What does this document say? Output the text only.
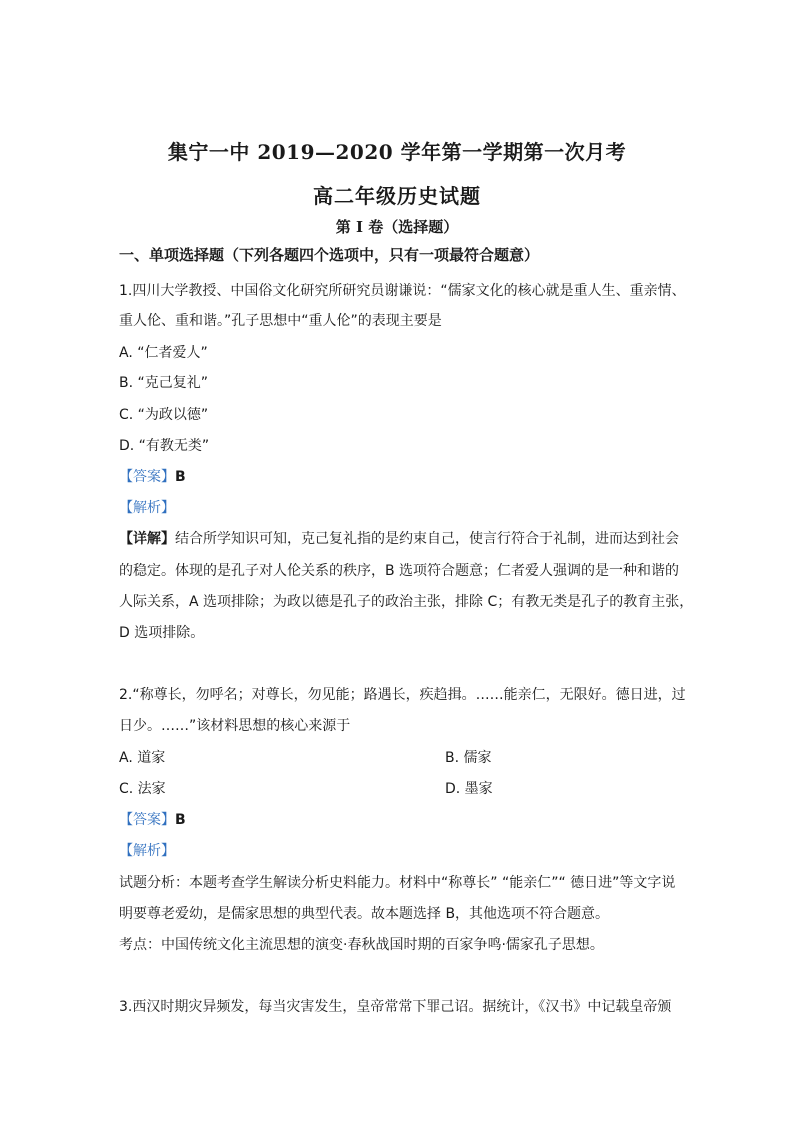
集宁一中 2019—2020 学年第一学期第一次月考
高二年级历史试题
第 I 卷（选择题）
一、单项选择题（下列各题四个选项中，只有一项最符合题意）
1.四川大学教授、中国俗文化研究所研究员谢谦说：“儒家文化的核心就是重人生、重亲情、
重人伦、重和谐。”孔子思想中“重人伦”的表现主要是
A. “仁者爱人”
B. “克己复礼”
C. “为政以德”
D. “有教无类”
【答案】B
【解析】
【详解】结合所学知识可知，克己复礼指的是约束自己，使言行符合于礼制，进而达到社会
的稳定。体现的是孔子对人伦关系的秩序，B 选项符合题意；仁者爱人强调的是一种和谐的
人际关系，A 选项排除；为政以德是孔子的政治主张，排除 C；有教无类是孔子的教育主张，
D 选项排除。
2.“称尊长，勿呼名；对尊长，勿见能；路遇长，疾趋揖。……能亲仁，无限好。德日进，过
日少。……”该材料思想的核心来源于
A. 道家	B. 儒家
C. 法家	D. 墨家
【答案】B
【解析】
试题分析：本题考查学生解读分析史料能力。材料中“称尊长” “能亲仁”“ 德日进”等文字说
明要尊老爱幼，是儒家思想的典型代表。故本题选择 B，其他选项不符合题意。
考点：中国传统文化主流思想的演变·春秋战国时期的百家争鸣·儒家孔子思想。
3.西汉时期灾异频发，每当灾害发生，皇帝常常下罪己诏。据统计，《汉书》中记载皇帝颁
